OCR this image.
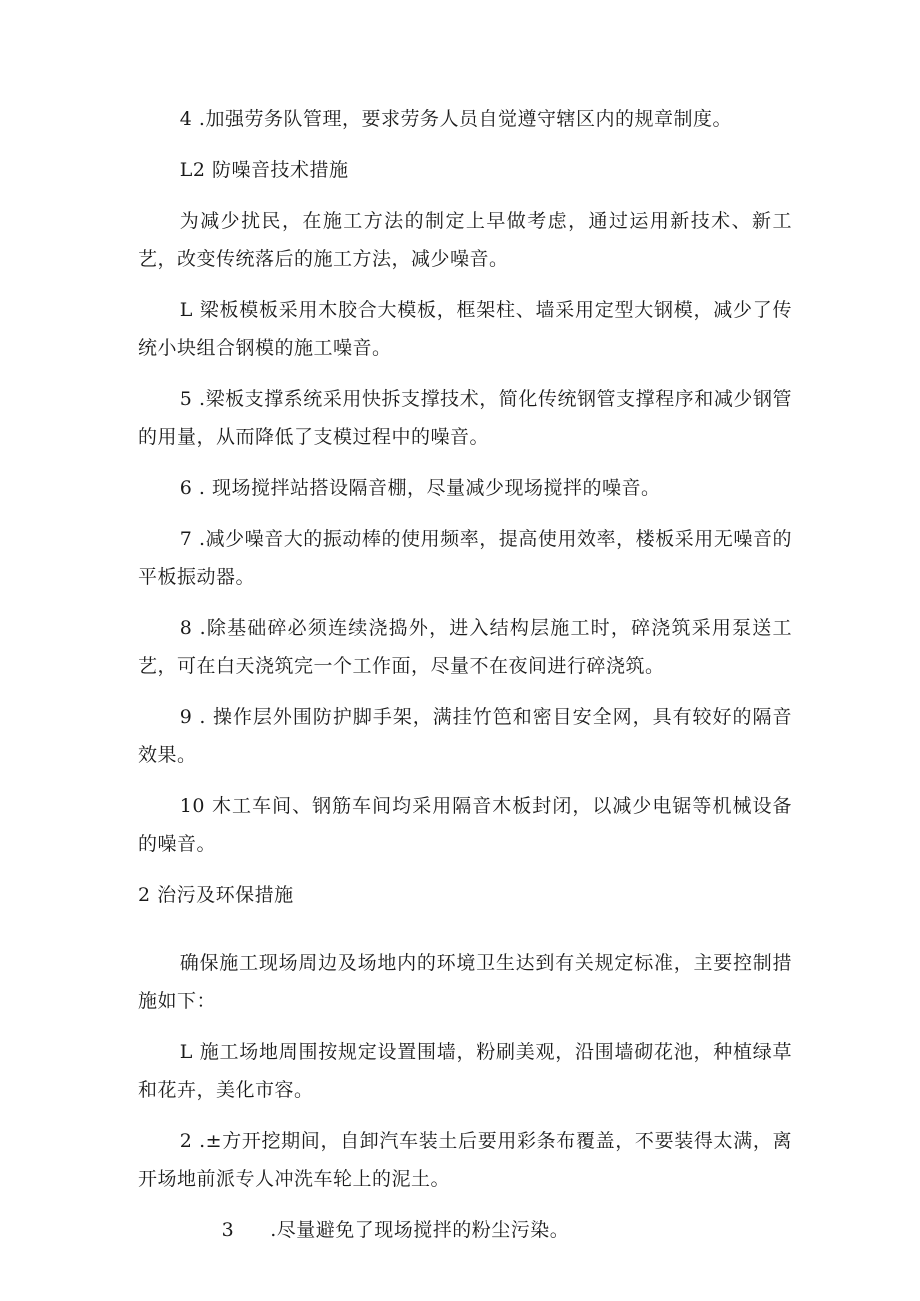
4 .加强劳务队管理，要求劳务人员自觉遵守辖区内的规章制度。

L2 防噪音技术措施

为减少扰民，在施工方法的制定上早做考虑，通过运用新技术、新工艺，改变传统落后的施工方法，减少噪音。

L 梁板模板采用木胶合大模板，框架柱、墙采用定型大钢模，减少了传统小块组合钢模的施工噪音。

5 .梁板支撑系统采用快拆支撑技术，简化传统钢管支撑程序和减少钢管的用量，从而降低了支模过程中的噪音。

6 . 现场搅拌站搭设隔音棚，尽量减少现场搅拌的噪音。

7 .减少噪音大的振动棒的使用频率，提高使用效率，楼板采用无噪音的平板振动器。

8 .除基础碎必须连续浇捣外，进入结构层施工时，碎浇筑采用泵送工艺，可在白天浇筑完一个工作面，尽量不在夜间进行碎浇筑。

9 . 操作层外围防护脚手架，满挂竹笆和密目安全网，具有较好的隔音效果。

10 木工车间、钢筋车间均采用隔音木板封闭，以减少电锯等机械设备的噪音。

2 治污及环保措施

确保施工现场周边及场地内的环境卫生达到有关规定标准，主要控制措施如下：

L 施工场地周围按规定设置围墙，粉刷美观，沿围墙砌花池，种植绿草和花卉，美化市容。

2 .±方开挖期间，自卸汽车装土后要用彩条布覆盖，不要装得太满，离开场地前派专人冲洗车轮上的泥土。

3 .尽量避免了现场搅拌的粉尘污染。
